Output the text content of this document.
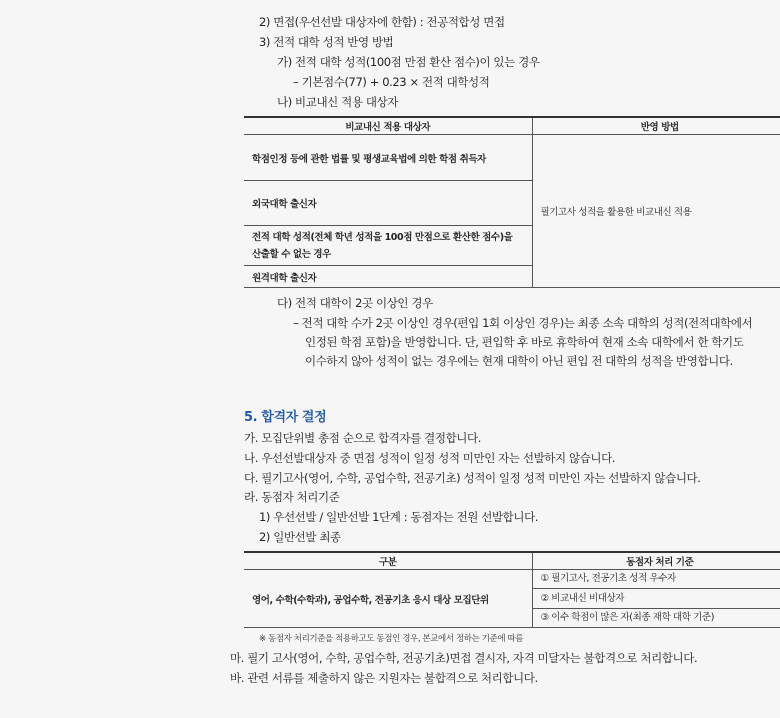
2) 면접(우선선발 대상자에 한함) : 전공적합성 면접
3) 전적 대학 성적 반영 방법
가) 전적 대학 성적(100점 만점 환산 점수)이 있는 경우
– 기본점수(77) + 0.23 × 전적 대학성적
나) 비교내신 적용 대상자
비교내신 적용 대상자	반영 방법
학점인정 등에 관한 법률 및 평생교육법에 의한 학점 취득자	필기고사 성적을 활용한 비교내신 적용
외국대학 출신자	

전적 대학 성적(전체 학년 성적을 100점 만점으로 환산한 점수)을
산출할 수 없는 경우	

원격대학 출신자	
다) 전적 대학이 2곳 이상인 경우
– 전적 대학 수가 2곳 이상인 경우(편입 1회 이상인 경우)는 최종 소속 대학의 성적(전적대학에서
인정된 학점 포함)을 반영합니다. 단, 편입학 후 바로 휴학하여 현재 소속 대학에서 한 학기도
이수하지 않아 성적이 없는 경우에는 현재 대학이 아닌 편입 전 대학의 성적을 반영합니다.
5. 합격자 결정
가. 모집단위별 총점 순으로 합격자를 결정합니다.
나. 우선선발대상자 중 면접 성적이 일정 성적 미만인 자는 선발하지 않습니다.
다. 필기고사(영어, 수학, 공업수학, 전공기초) 성적이 일정 성적 미만인 자는 선발하지 않습니다.
라. 동점자 처리기준
1) 우선선발 / 일반선발 1단계 : 동점자는 전원 선발합니다.
2) 일반선발 최종
구분	동점자 처리 기준
영어, 수학(수학과), 공업수학, 전공기초 응시 대상 모집단위	① 필기고사, 전공기초 성적 우수자
② 비교내신 비대상자
③ 이수 학점이 많은 자(최종 재학 대학 기준)
※ 동점자 처리기준을 적용하고도 동점인 경우, 본교에서 정하는 기준에 따름
마. 필기 고사(영어, 수학, 공업수학, 전공기초)면접 결시자, 자격 미달자는 불합격으로 처리합니다.
바. 관련 서류를 제출하지 않은 지원자는 불합격으로 처리합니다.
